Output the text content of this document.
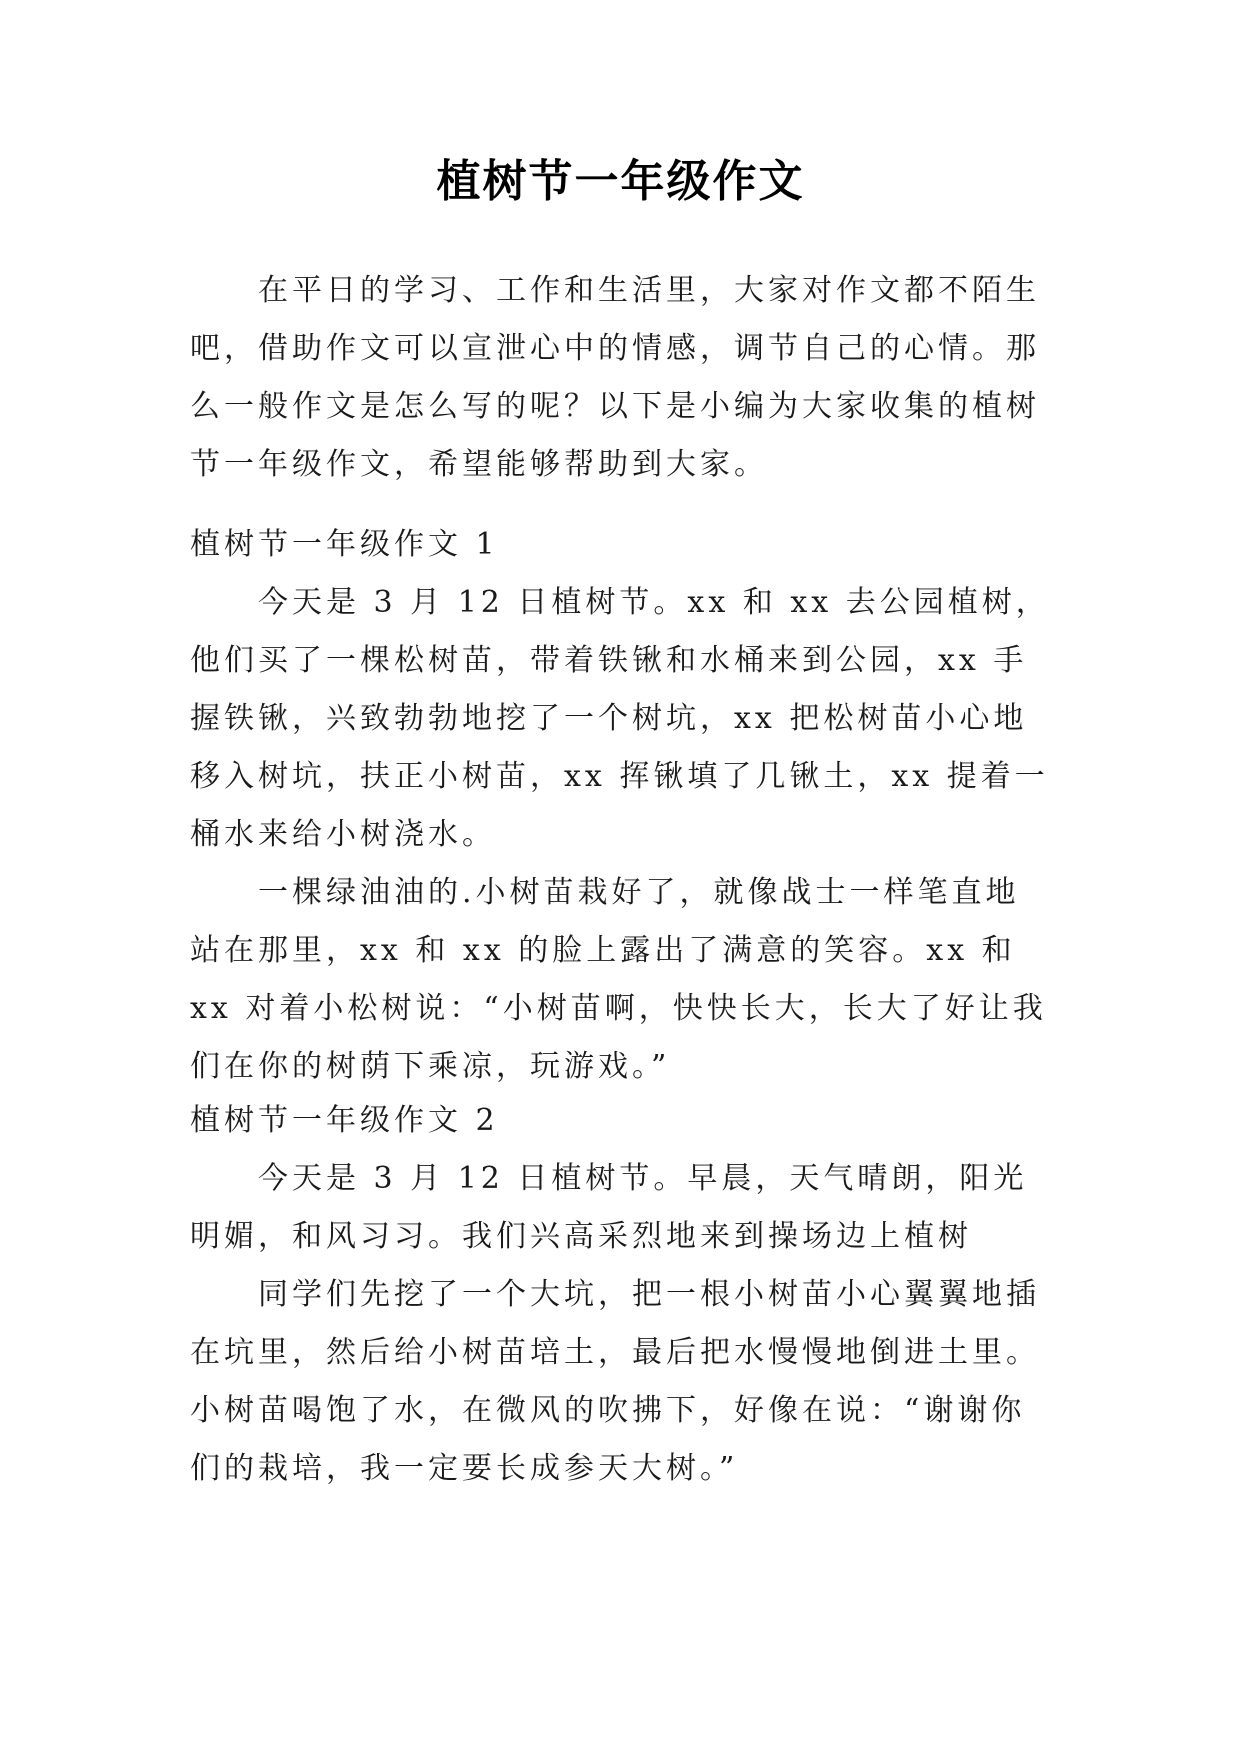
植树节一年级作文

在平日的学习、工作和生活里，大家对作文都不陌生吧，借助作文可以宣泄心中的情感，调节自己的心情。那么一般作文是怎么写的呢？以下是小编为大家收集的植树节一年级作文，希望能够帮助到大家。

植树节一年级作文 1

今天是 3 月 12 日植树节。xx 和 xx 去公园植树，他们买了一棵松树苗，带着铁锹和水桶来到公园，xx 手握铁锹，兴致勃勃地挖了一个树坑，xx 把松树苗小心地移入树坑，扶正小树苗，xx 挥锹填了几锹土，xx 提着一桶水来给小树浇水。

一棵绿油油的.小树苗栽好了，就像战士一样笔直地站在那里，xx 和 xx 的脸上露出了满意的笑容。xx 和 xx 对着小松树说：“小树苗啊，快快长大，长大了好让我们在你的树荫下乘凉，玩游戏。”

植树节一年级作文 2

今天是 3 月 12 日植树节。早晨，天气晴朗，阳光明媚，和风习习。我们兴高采烈地来到操场边上植树

同学们先挖了一个大坑，把一根小树苗小心翼翼地插在坑里，然后给小树苗培土，最后把水慢慢地倒进土里。小树苗喝饱了水，在微风的吹拂下，好像在说：“谢谢你们的栽培，我一定要长成参天大树。”
